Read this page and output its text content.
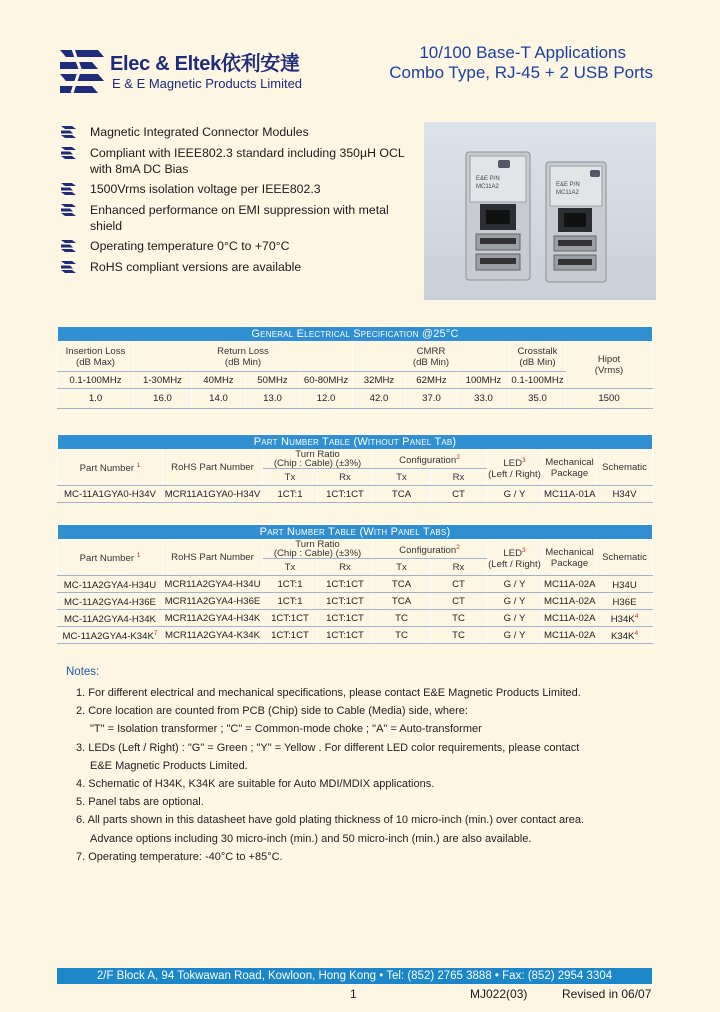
Elec & Eltek依利安達
E & E Magnetic Products Limited
10/100 Base-T Applications
Combo Type, RJ-45 + 2 USB Ports
Magnetic Integrated Connector Modules
Compliant with IEEE802.3 standard including 350µH OCL with 8mA DC Bias
1500Vrms isolation voltage per IEEE802.3
Enhanced performance on EMI suppression with metal shield
Operating temperature 0°C to +70°C
RoHS compliant versions are available
E&E P/N
MC11A2	E&E P/N
MC11A2
General Electrical Specification @25°C									
Insertion Loss
(dB Max)	Return Loss
(dB Min)				CMRR
(dB Min)			Crosstalk
(dB Min)	Hipot
(Vrms)
0.1-100MHz	1-30MHz	40MHz	50MHz	60-80MHz	32MHz	62MHz	100MHz	0.1-100MHz	
1.0	16.0	14.0	13.0	12.0	42.0	37.0	33.0	35.0	1500
Part Number Table (Without Panel Tab)								
Part Number $^1$	RoHS Part Number	Turn Ratio
(Chip : Cable) (±3%)		Configuration$^2$		LED$^3$
(Left / Right)	Mechanical
Package	Schematic
		Tx	Rx	Tx	Rx			
MC-11A1GYA0-H34V	MCR11A1GYA0-H34V	1CT:1	1CT:1CT	TCA	CT	G / Y	MC11A-01A	H34V
Part Number Table (With Panel Tabs)								
Part Number $^1$	RoHS Part Number	Turn Ratio
(Chip : Cable) (±3%)		Configuration$^2$		LED$^3$
(Left / Right)	Mechanical
Package	Schematic
		Tx	Rx	Tx	Rx			
MC-11A2GYA4-H34U	MCR11A2GYA4-H34U	1CT:1	1CT:1CT	TCA	CT	G / Y	MC11A-02A	H34U
MC-11A2GYA4-H36E	MCR11A2GYA4-H36E	1CT:1	1CT:1CT	TCA	CT	G / Y	MC11A-02A	H36E
MC-11A2GYA4-H34K	MCR11A2GYA4-H34K	1CT:1CT	1CT:1CT	TC	TC	G / Y	MC11A-02A	$H34K^4$
$MC-11A2GYA4-K34K^7$	MCR11A2GYA4-K34K	1CT:1CT	1CT:1CT	TC	TC	G / Y	MC11A-02A	$K34K^4$
Notes:
1. For different electrical and mechanical specifications, please contact E&E Magnetic Products Limited.
2. Core location are counted from PCB (Chip) side to Cable (Media) side, where:
"T" = Isolation transformer ; "C" = Common-mode choke ; "A" = Auto-transformer
3. LEDs (Left / Right) : "G" = Green ; "Y" = Yellow . For different LED color requirements, please contact
E&E Magnetic Products Limited.
4. Schematic of H34K, K34K are suitable for Auto MDI/MDIX applications.
5. Panel tabs are optional.
6. All parts shown in this datasheet have gold plating thickness of 10 micro-inch (min.) over contact area.
Advance options including 30 micro-inch (min.) and 50 micro-inch (min.) are also available.
7. Operating temperature: -40°C to +85°C.
2/F Block A, 94 Tokwawan Road, Kowloon, Hong Kong • Tel: (852) 2765 3888 • Fax: (852) 2954 3304
1	MJ022(03)	Revised in 06/07
